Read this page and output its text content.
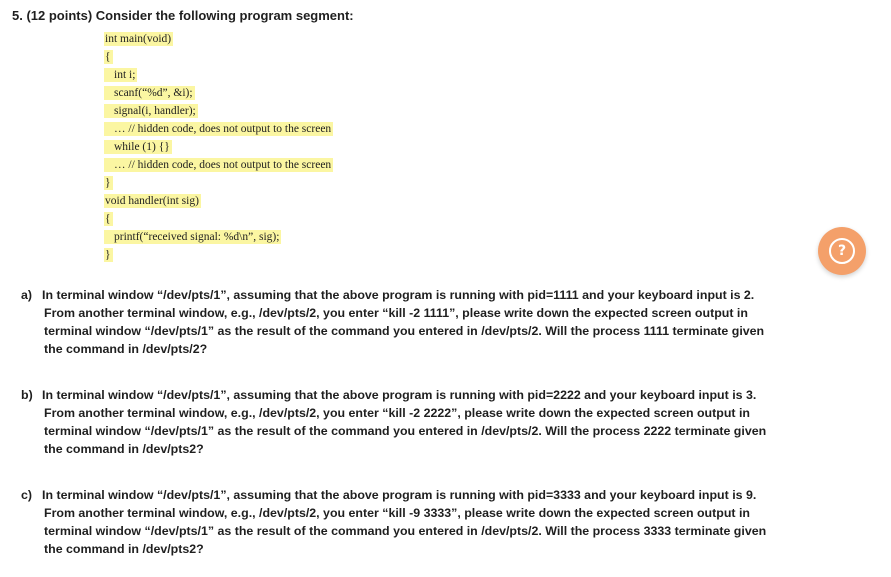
5. (12 points) Consider the following program segment:
int main(void)
{
int i;
scanf(“%d”, &i);
signal(i, handler);
… // hidden code, does not output to the screen
while (1) {}
… // hidden code, does not output to the screen
}
void handler(int sig)
{
printf(“received signal: %d\n”, sig);
}	?
a) In terminal window “/dev/pts/1”, assuming that the above program is running with pid=1111 and your keyboard input is 2.
From another terminal window, e.g., /dev/pts/2, you enter “kill -2 1111”, please write down the expected screen output in
terminal window “/dev/pts/1” as the result of the command you entered in /dev/pts/2. Will the process 1111 terminate given
the command in /dev/pts/2?
b) In terminal window “/dev/pts/1”, assuming that the above program is running with pid=2222 and your keyboard input is 3.
From another terminal window, e.g., /dev/pts/2, you enter “kill -2 2222”, please write down the expected screen output in
terminal window “/dev/pts/1” as the result of the command you entered in /dev/pts/2. Will the process 2222 terminate given
the command in /dev/pts2?
c) In terminal window “/dev/pts/1”, assuming that the above program is running with pid=3333 and your keyboard input is 9.
From another terminal window, e.g., /dev/pts/2, you enter “kill -9 3333”, please write down the expected screen output in
terminal window “/dev/pts/1” as the result of the command you entered in /dev/pts/2. Will the process 3333 terminate given
the command in /dev/pts2?
